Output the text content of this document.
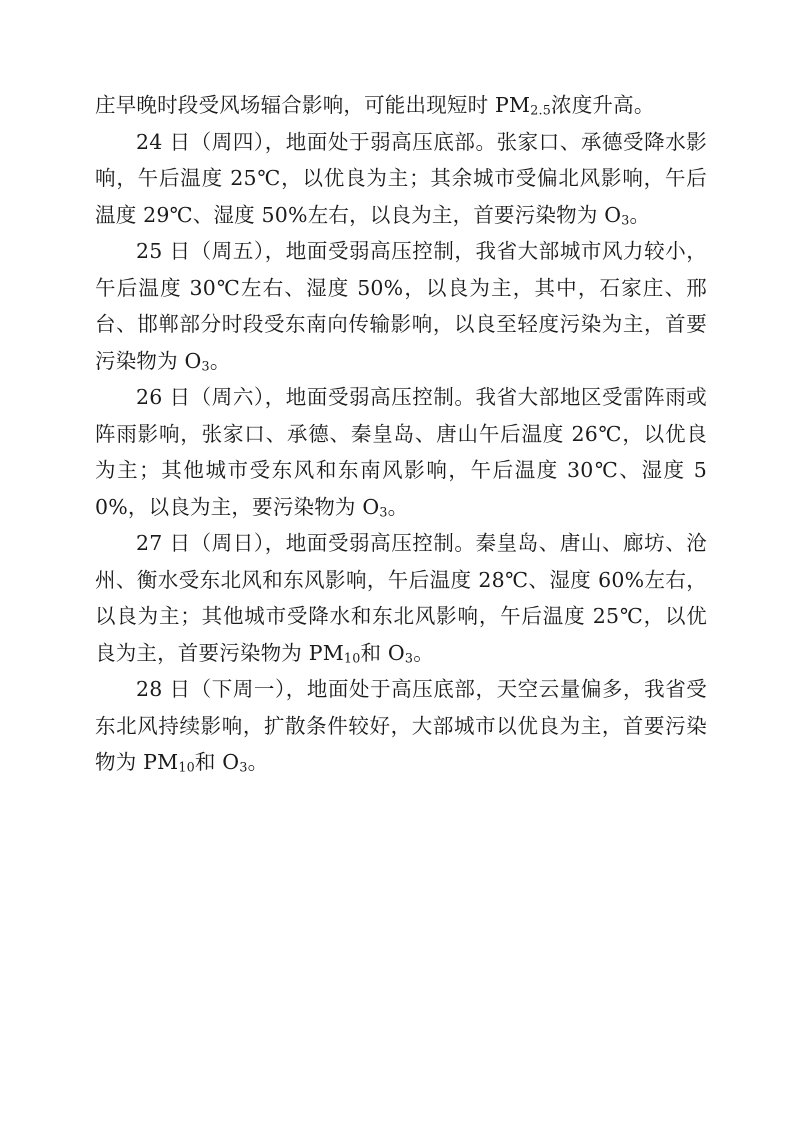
庄早晚时段受风场辐合影响，可能出现短时 $PM_{2.5}$浓度升高。

24 日（周四），地面处于弱高压底部。张家口、承德受降水影响，午后温度 25℃，以优良为主；其余城市受偏北风影响，午后温度 29℃、湿度 50%左右，以良为主，首要污染物为 $O_3$。

25 日（周五），地面受弱高压控制，我省大部城市风力较小，午后温度 30℃左右、湿度 50%，以良为主，其中，石家庄、邢台、邯郸部分时段受东南向传输影响，以良至轻度污染为主，首要污染物为 $O_3$。

26 日（周六），地面受弱高压控制。我省大部地区受雷阵雨或阵雨影响，张家口、承德、秦皇岛、唐山午后温度 26℃，以优良为主；其他城市受东风和东南风影响，午后温度 30℃、湿度 50%，以良为主，要污染物为 $O_3$。

27 日（周日），地面受弱高压控制。秦皇岛、唐山、廊坊、沧州、衡水受东北风和东风影响，午后温度 28℃、湿度 60%左右，以良为主；其他城市受降水和东北风影响，午后温度 25℃，以优良为主，首要污染物为 $PM_{10}$和 $O_3$。

28 日（下周一），地面处于高压底部，天空云量偏多，我省受东北风持续影响，扩散条件较好，大部城市以优良为主，首要污染物为 $PM_{10}$和 $O_3$。
